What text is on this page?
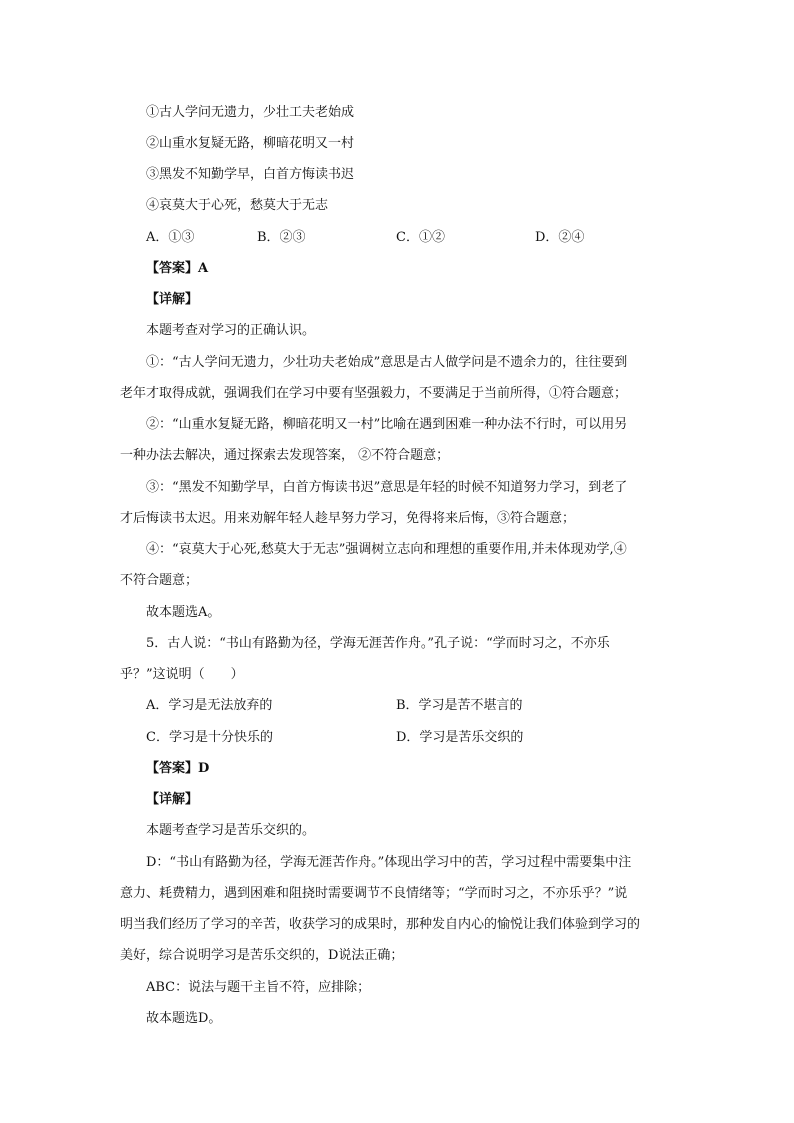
①古人学问无遗力，少壮工夫老始成
②山重水复疑无路，柳暗花明又一村
③黑发不知勤学早，白首方悔读书迟
④哀莫大于心死，愁莫大于无志
A．①③	B．②③	C．①②	D．②④
【答案】A
【详解】
本题考查对学习的正确认识。
①：“古人学问无遗力，少壮功夫老始成”意思是古人做学问是不遗余力的，往往要到
老年才取得成就，强调我们在学习中要有坚强毅力，不要满足于当前所得，①符合题意；
②：“山重水复疑无路，柳暗花明又一村”比喻在遇到困难一种办法不行时，可以用另
一种办法去解决，通过探索去发现答案， ②不符合题意；
③：“黑发不知勤学早，白首方悔读书迟”意思是年轻的时候不知道努力学习，到老了
才后悔读书太迟。用来劝解年轻人趁早努力学习，免得将来后悔，③符合题意；
④：“哀莫大于心死,愁莫大于无志”强调树立志向和理想的重要作用,并未体现劝学,④
不符合题意；
故本题选A。
5．古人说：“书山有路勤为径，学海无涯苦作舟。”孔子说：“学而时习之，不亦乐
乎？”这说明（　　）
A．学习是无法放弃的	B．学习是苦不堪言的
C．学习是十分快乐的	D．学习是苦乐交织的
【答案】D
【详解】
本题考查学习是苦乐交织的。
D：“书山有路勤为径，学海无涯苦作舟。”体现出学习中的苦，学习过程中需要集中注
意力、耗费精力，遇到困难和阻挠时需要调节不良情绪等；“学而时习之，不亦乐乎？”说
明当我们经历了学习的辛苦，收获学习的成果时，那种发自内心的愉悦让我们体验到学习的
美好，综合说明学习是苦乐交织的，D说法正确；
ABC：说法与题干主旨不符，应排除；
故本题选D。
